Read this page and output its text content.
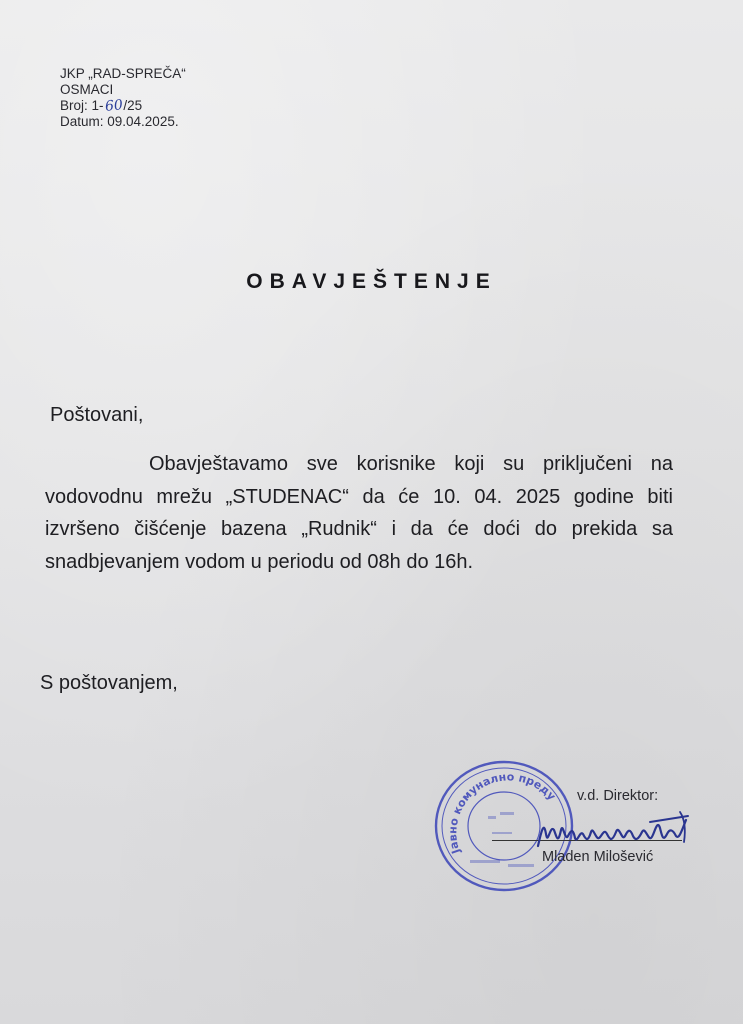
JKP „RAD-SPREČA“
OSMACI
Broj: 1-60/25
Datum: 09.04.2025.
OBAVJEŠTENJE
Poštovani,
Obavještavamo sve korisnike koji su priključeni na vodovodnu mrežu „STUDENAC“ da će 10. 04. 2025 godine biti izvršeno čišćenje bazena „Rudnik“ i da će doći do prekida sa snadbjevanjem vodom u periodu od 08h do 16h.
S poštovanjem,
Јавно комунално преду v.d. Direktor:
Mladen Milošević
